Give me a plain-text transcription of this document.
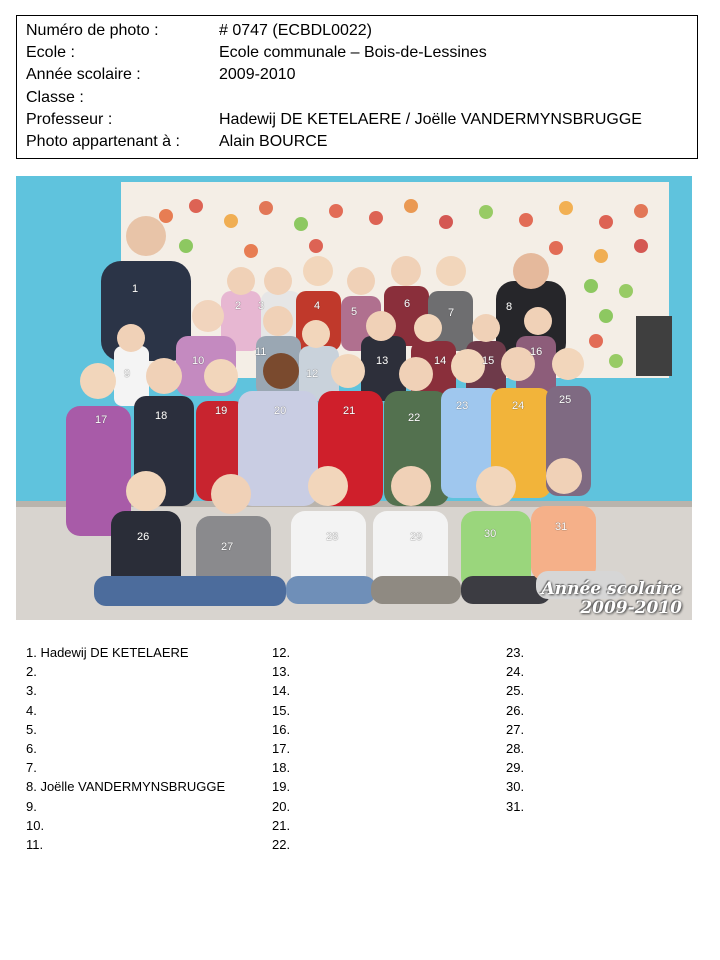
Numéro de photo :	# 0747 (ECBDL0022)
Ecole :	Ecole communale – Bois-de-Lessines
Année scolaire :	2009-2010
Classe :
Professeur :	Hadewij DE KETELAERE / Joëlle VANDERMYNSBRUGGE
Photo appartenant à : Alain BOURCE
1
2 3	4	5
6
7	8
9
10
11
12
13	14	15
16
17	18	19	20	21
22
23	24	25
26
27
28	29	30
31
Année scolaire
2009-2010
1. Hadewij DE KETELAERE
2.
3.
4.
5.
6.
7.
8. Joëlle VANDERMYNSBRUGGE
9.
10.
11.
12.
13.
14.
15.
16.
17.
18.
19.
20.
21.
22.
23.
24.
25.
26.
27.
28.
29.
30.
31.
